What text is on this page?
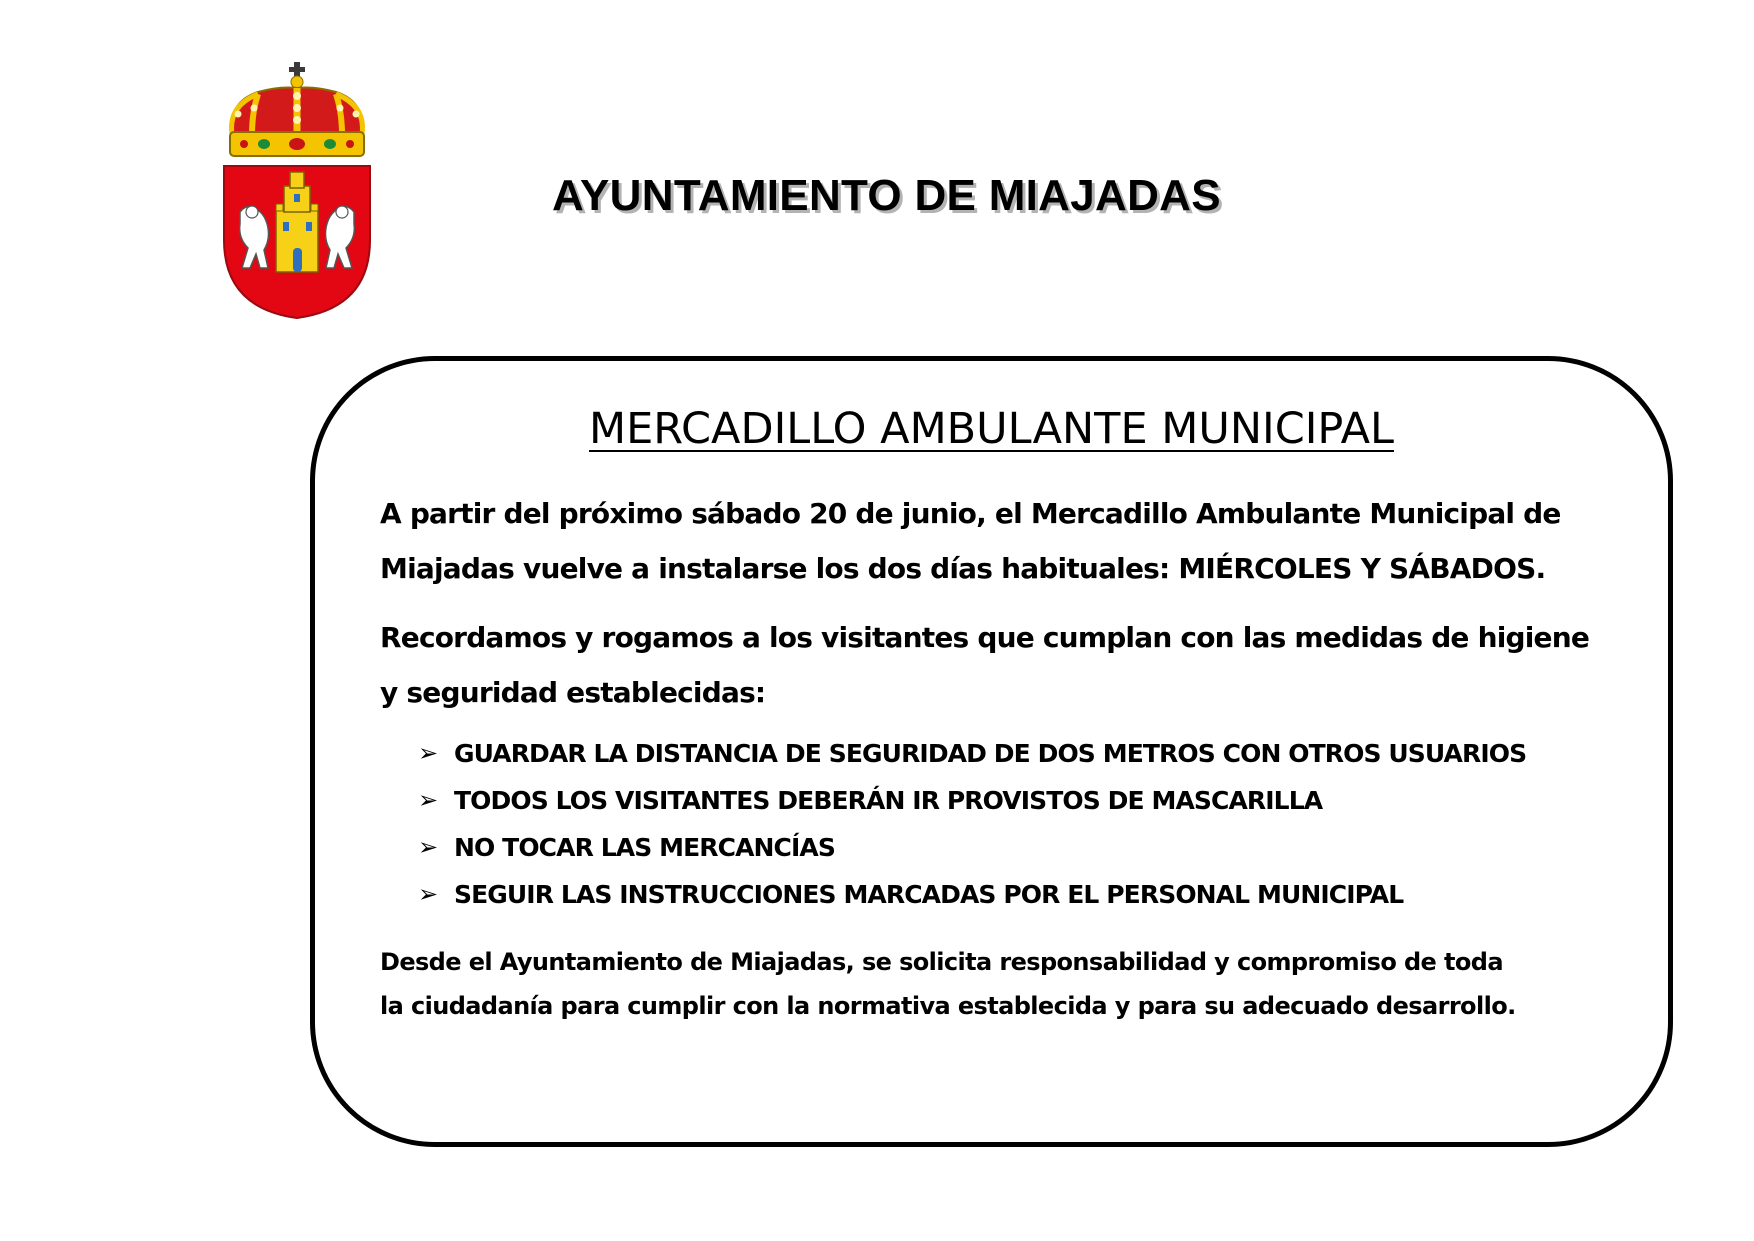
AYUNTAMIENTO DE MIAJADAS
MERCADILLO AMBULANTE MUNICIPAL

A partir del próximo sábado 20 de junio, el Mercadillo Ambulante Municipal de
Miajadas vuelve a instalarse los dos días habituales: MIÉRCOLES Y SÁBADOS.

Recordamos y rogamos a los visitantes que cumplan con las medidas de higiene
y seguridad establecidas:

➢ GUARDAR LA DISTANCIA DE SEGURIDAD DE DOS METROS CON OTROS USUARIOS
➢ TODOS LOS VISITANTES DEBERÁN IR PROVISTOS DE MASCARILLA
➢ NO TOCAR LAS MERCANCÍAS
➢ SEGUIR LAS INSTRUCCIONES MARCADAS POR EL PERSONAL MUNICIPAL

Desde el Ayuntamiento de Miajadas, se solicita responsabilidad y compromiso de toda
la ciudadanía para cumplir con la normativa establecida y para su adecuado desarrollo.
